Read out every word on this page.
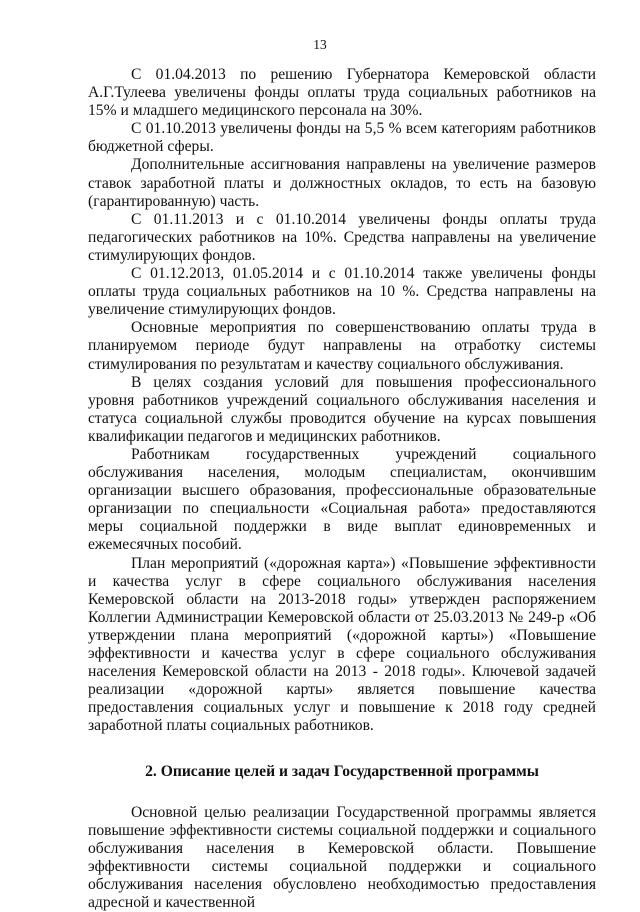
13

С 01.04.2013 по решению Губернатора Кемеровской области А.Г.Тулеева увеличены фонды оплаты труда социальных работников на 15% и младшего медицинского персонала на 30%.

С 01.10.2013 увеличены фонды на 5,5 % всем категориям работников бюджетной сферы.

Дополнительные ассигнования направлены на увеличение размеров ставок заработной платы и должностных окладов, то есть на базовую (гарантированную) часть.

С 01.11.2013 и с 01.10.2014 увеличены фонды оплаты труда педагогических работников на 10%. Средства направлены на увеличение стимулирующих фондов.

С 01.12.2013, 01.05.2014 и с 01.10.2014 также увеличены фонды оплаты труда социальных работников на 10 %. Средства направлены на увеличение стимулирующих фондов.

Основные мероприятия по совершенствованию оплаты труда в планируемом периоде будут направлены на отработку системы стимулирования по результатам и качеству социального обслуживания.

В целях создания условий для повышения профессионального уровня работников учреждений социального обслуживания населения и статуса социальной службы проводится обучение на курсах повышения квалификации педагогов и медицинских работников.

Работникам государственных учреждений социального обслуживания населения, молодым специалистам, окончившим организации высшего образования, профессиональные образовательные организации по специальности «Социальная работа» предоставляются меры социальной поддержки в виде выплат единовременных и ежемесячных пособий.

План мероприятий («дорожная карта») «Повышение эффективности и качества услуг в сфере социального обслуживания населения Кемеровской области на 2013-2018 годы» утвержден распоряжением Коллегии Администрации Кемеровской области от 25.03.2013 № 249-р «Об утверждении плана мероприятий («дорожной карты») «Повышение эффективности и качества услуг в сфере социального обслуживания населения Кемеровской области на 2013 - 2018 годы». Ключевой задачей реализации «дорожной карты» является повышение качества предоставления социальных услуг и повышение к 2018 году средней заработной платы социальных работников.

2. Описание целей и задач Государственной программы

Основной целью реализации Государственной программы является повышение эффективности системы социальной поддержки и социального обслуживания населения в Кемеровской области. Повышение эффективности системы социальной поддержки и социального обслуживания населения обусловлено необходимостью предоставления адресной и качественной
